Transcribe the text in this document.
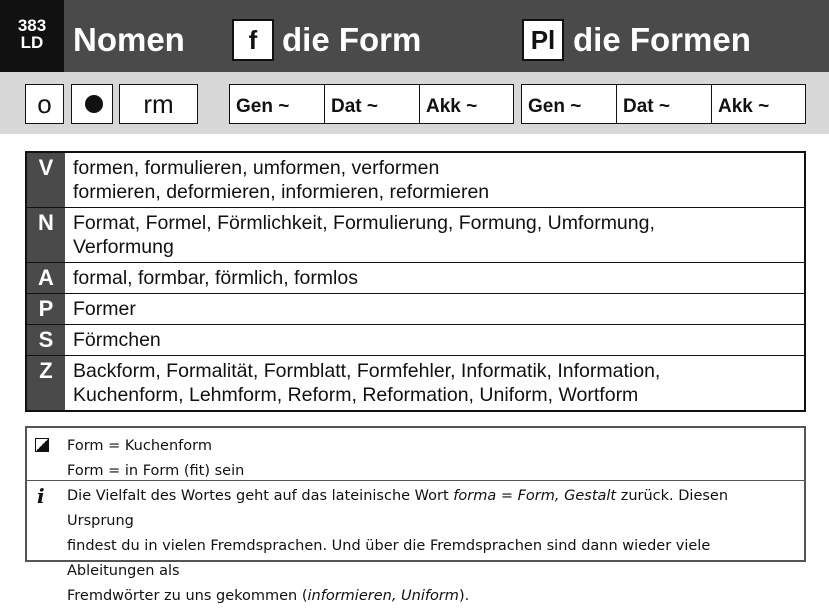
383
LD Nomen	f die Form	Pl die Formen
o	rm	Gen ~	Dat ~	Akk ~	Gen ~	Dat ~	Akk ~
V	formen, formulieren, umformen, verformen
formieren, deformieren, informieren, reformieren
N Format, Formel, Förmlichkeit, Formulierung, Formung, Umformung,
Verformung
A formal, formbar, förmlich, formlos
P	Former
S	Förmchen
Z	Backform, Formalität, Formblatt, Formfehler, Informatik, Information,
Kuchenform, Lehmform, Reform, Reformation, Uniform, Wortform
Form = Kuchenform
Form = in Form (fit) sein
i Die Vielfalt des Wortes geht auf das lateinische Wort forma = Form, Gestalt zurück. Diesen Ursprung
findest du in vielen Fremdsprachen. Und über die Fremdsprachen sind dann wieder viele Ableitungen als
Fremdwörter zu uns gekommen (informieren, Uniform).
